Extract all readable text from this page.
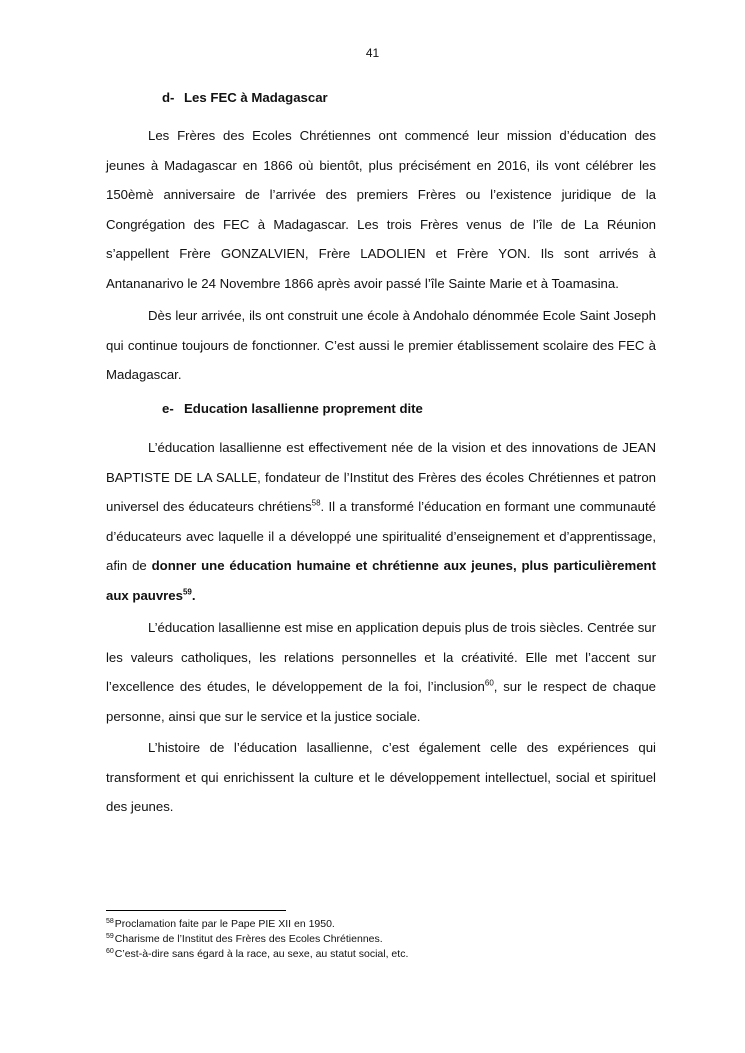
41
d- Les FEC à Madagascar

Les Frères des Ecoles Chrétiennes ont commencé leur mission d’éducation des jeunes à Madagascar en 1866 où bientôt, plus précisément en 2016, ils vont célébrer les 150èmè anniversaire de l’arrivée des premiers Frères ou l’existence juridique de la Congrégation des FEC à Madagascar. Les trois Frères venus de l’île de La Réunion s’appellent Frère GONZALVIEN, Frère LADOLIEN et Frère YON. Ils sont arrivés à Antananarivo le 24 Novembre 1866 après avoir passé l’île Sainte Marie et à Toamasina.

Dès leur arrivée, ils ont construit une école à Andohalo dénommée Ecole Saint Joseph qui continue toujours de fonctionner. C’est aussi le premier établissement scolaire des FEC à Madagascar.

e- Education lasallienne proprement dite

L’éducation lasallienne est effectivement née de la vision et des innovations de JEAN BAPTISTE DE LA SALLE, fondateur de l’Institut des Frères des écoles Chrétiennes et patron universel des éducateurs chrétiens$^{58}$. Il a transformé l’éducation en formant une communauté d’éducateurs avec laquelle il a développé une spiritualité d’enseignement et d’apprentissage, afin de donner une éducation humaine et chrétienne aux jeunes, plus particulièrement aux pauvres$^{59}$.

L’éducation lasallienne est mise en application depuis plus de trois siècles. Centrée sur les valeurs catholiques, les relations personnelles et la créativité. Elle met l’accent sur l’excellence des études, le développement de la foi, l’inclusion$^{60}$, sur le respect de chaque personne, ainsi que sur le service et la justice sociale.

L’histoire de l’éducation lasallienne, c’est également celle des expériences qui transforment et qui enrichissent la culture et le développement intellectuel, social et spirituel des jeunes.

$^{58}$Proclamation faite par le Pape PIE XII en 1950.
$^{59}$Charisme de l’Institut des Frères des Ecoles Chrétiennes.
$^{60}$C’est-à-dire sans égard à la race, au sexe, au statut social, etc.
